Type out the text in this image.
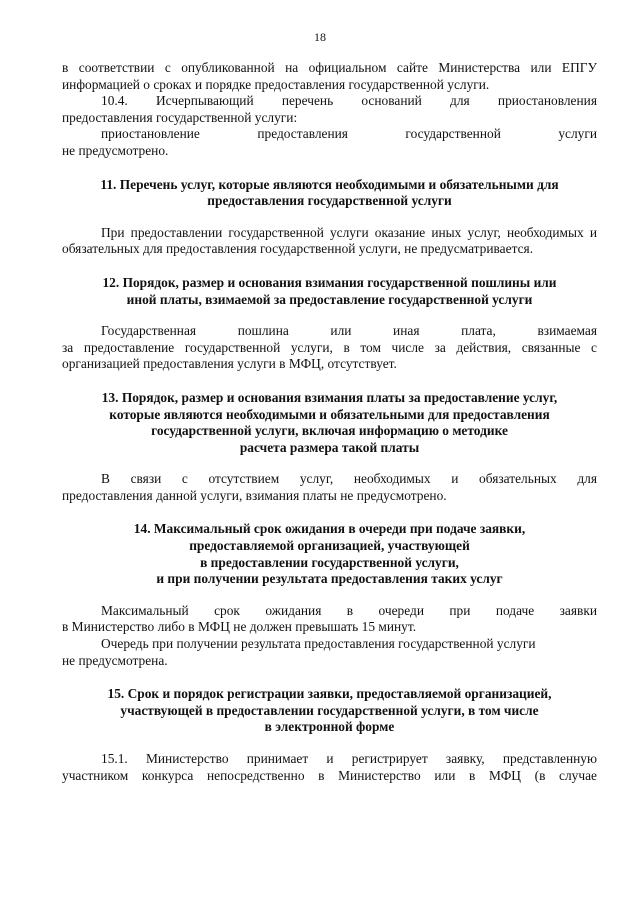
18

в соответствии с опубликованной на официальном сайте Министерства или ЕПГУ

информацией о сроках и порядке предоставления государственной услуги.

10.4. Исчерпывающий перечень оснований для приостановления

предоставления государственной услуги:

приостановление предоставления государственной услуги

не предусмотрено.

11. Перечень услуг, которые являются необходимыми и обязательными для

предоставления государственной услуги

При предоставлении государственной услуги оказание иных услуг, необходимых и обязательных для предоставления государственной услуги, не предусматривается.

12. Порядок, размер и основания взимания государственной пошлины или

иной платы, взимаемой за предоставление государственной услуги

Государственная пошлина или иная плата, взимаемая

за предоставление государственной услуги, в том числе за действия, связанные с

организацией предоставления услуги в МФЦ, отсутствует.

13. Порядок, размер и основания взимания платы за предоставление услуг,

которые являются необходимыми и обязательными для предоставления

государственной услуги, включая информацию о методике

расчета размера такой платы

В связи с отсутствием услуг, необходимых и обязательных для

предоставления данной услуги, взимания платы не предусмотрено.

14. Максимальный срок ожидания в очереди при подаче заявки,

предоставляемой организацией, участвующей

в предоставлении государственной услуги,

и при получении результата предоставления таких услуг

Максимальный срок ожидания в очереди при подаче заявки

в Министерство либо в МФЦ не должен превышать 15 минут.

Очередь при получении результата предоставления государственной услуги

не предусмотрена.

15. Срок и порядок регистрации заявки, предоставляемой организацией,

участвующей в предоставлении государственной услуги, в том числе

в электронной форме

15.1. Министерство принимает и регистрирует заявку, представленную

участником конкурса непосредственно в Министерство или в МФЦ (в случае
